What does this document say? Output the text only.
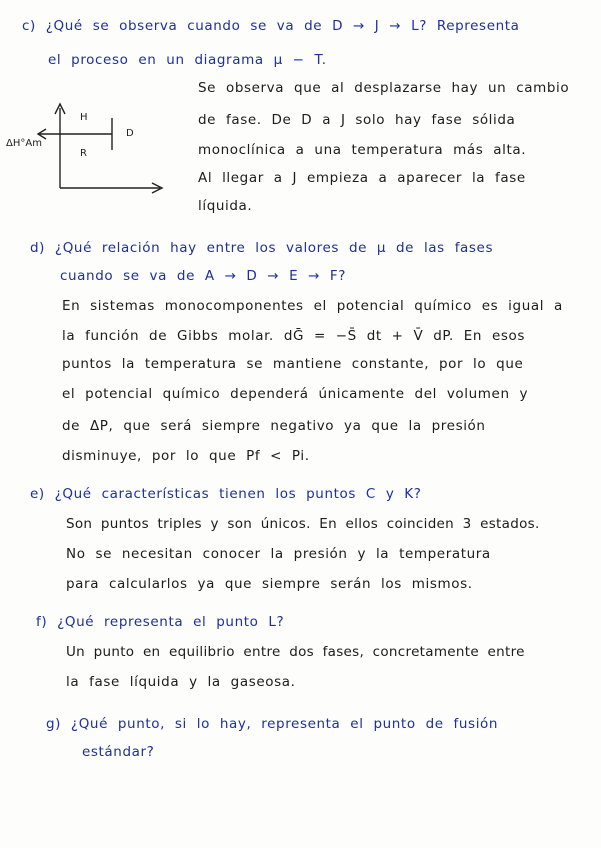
c) ¿Qué se observa cuando se va de D → J → L? Representa
el proceso en un diagrama μ − T.
ΔH°Am
H
R
D
Se observa que al desplazarse hay un cambio
de fase. De D a J solo hay fase sólida
monoclínica a una temperatura más alta.
Al llegar a J empieza a aparecer la fase
líquida.
d) ¿Qué relación hay entre los valores de μ de las fases
cuando se va de A → D → E → F?
En sistemas monocomponentes el potencial químico es igual a
la función de Gibbs molar. dḠ = −S̄ dt + V̄ dP. En esos
puntos la temperatura se mantiene constante, por lo que
el potencial químico dependerá únicamente del volumen y
de ΔP, que será siempre negativo ya que la presión
disminuye, por lo que Pf < Pi.
e) ¿Qué características tienen los puntos C y K?
Son puntos triples y son únicos. En ellos coinciden 3 estados.
No se necesitan conocer la presión y la temperatura
para calcularlos ya que siempre serán los mismos.
f) ¿Qué representa el punto L?
Un punto en equilibrio entre dos fases, concretamente entre
la fase líquida y la gaseosa.
g) ¿Qué punto, si lo hay, representa el punto de fusión
estándar?
